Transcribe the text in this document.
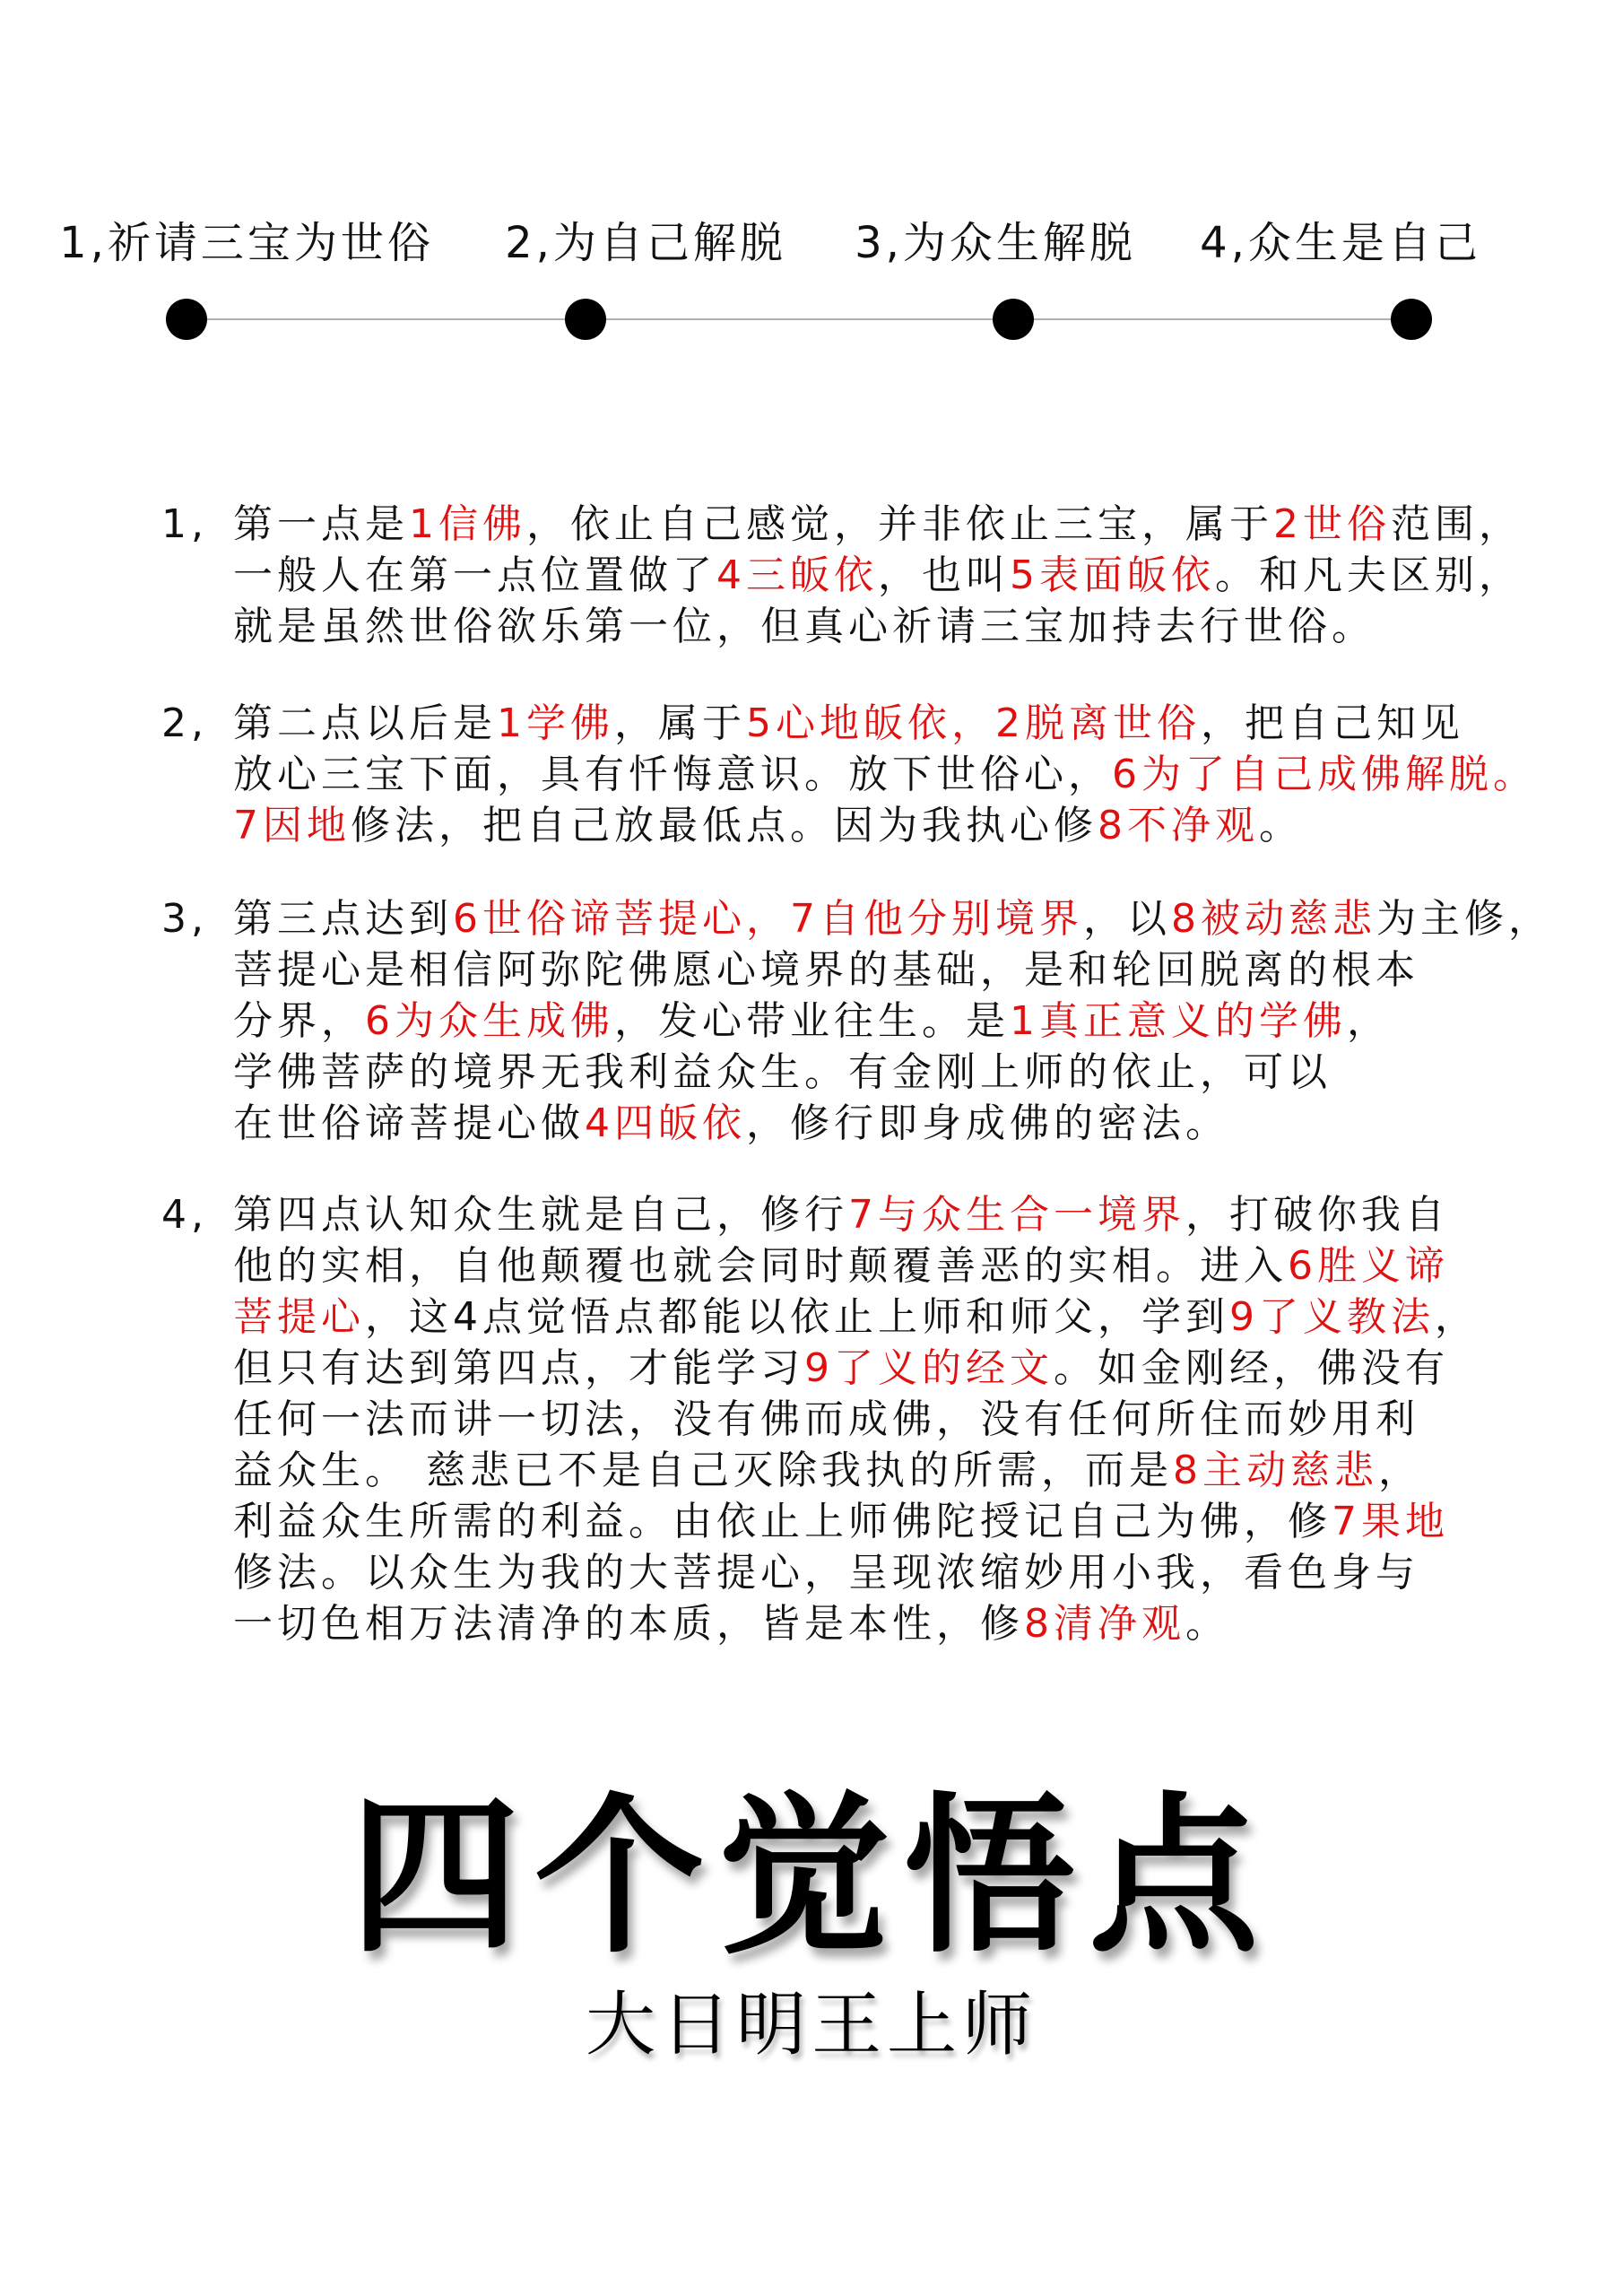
1,祈请三宝为世俗 2,为自己解脱 3,为众生解脱 4,众生是自己
1, 第一点是1信佛，依止自己感觉，并非依止三宝，属于2世俗范围，
一般人在第一点位置做了4三皈依，也叫5表面皈依。和凡夫区别，
就是虽然世俗欲乐第一位，但真心祈请三宝加持去行世俗。
2, 第二点以后是1学佛，属于5心地皈依，2脱离世俗，把自己知见
放心三宝下面，具有忏悔意识。放下世俗心，6为了自己成佛解脱。
7因地修法，把自己放最低点。因为我执心修8不净观。
3, 第三点达到6世俗谛菩提心，7自他分别境界，以8被动慈悲为主修，
菩提心是相信阿弥陀佛愿心境界的基础，是和轮回脱离的根本
分界，6为众生成佛，发心带业往生。是1真正意义的学佛，
学佛菩萨的境界无我利益众生。有金刚上师的依止，可以
在世俗谛菩提心做4四皈依，修行即身成佛的密法。
4, 第四点认知众生就是自己，修行7与众生合一境界，打破你我自
他的实相，自他颠覆也就会同时颠覆善恶的实相。进入6胜义谛
菩提心，这4点觉悟点都能以依止上师和师父，学到9了义教法，
但只有达到第四点，才能学习9了义的经文。如金刚经，佛没有
任何一法而讲一切法，没有佛而成佛，没有任何所住而妙用利
益众生。 慈悲已不是自己灭除我执的所需，而是8主动慈悲，
利益众生所需的利益。由依止上师佛陀授记自己为佛，修7果地
修法。以众生为我的大菩提心，呈现浓缩妙用小我，看色身与
一切色相万法清净的本质，皆是本性，修8清净观。
四个觉悟点
大日明王上师
